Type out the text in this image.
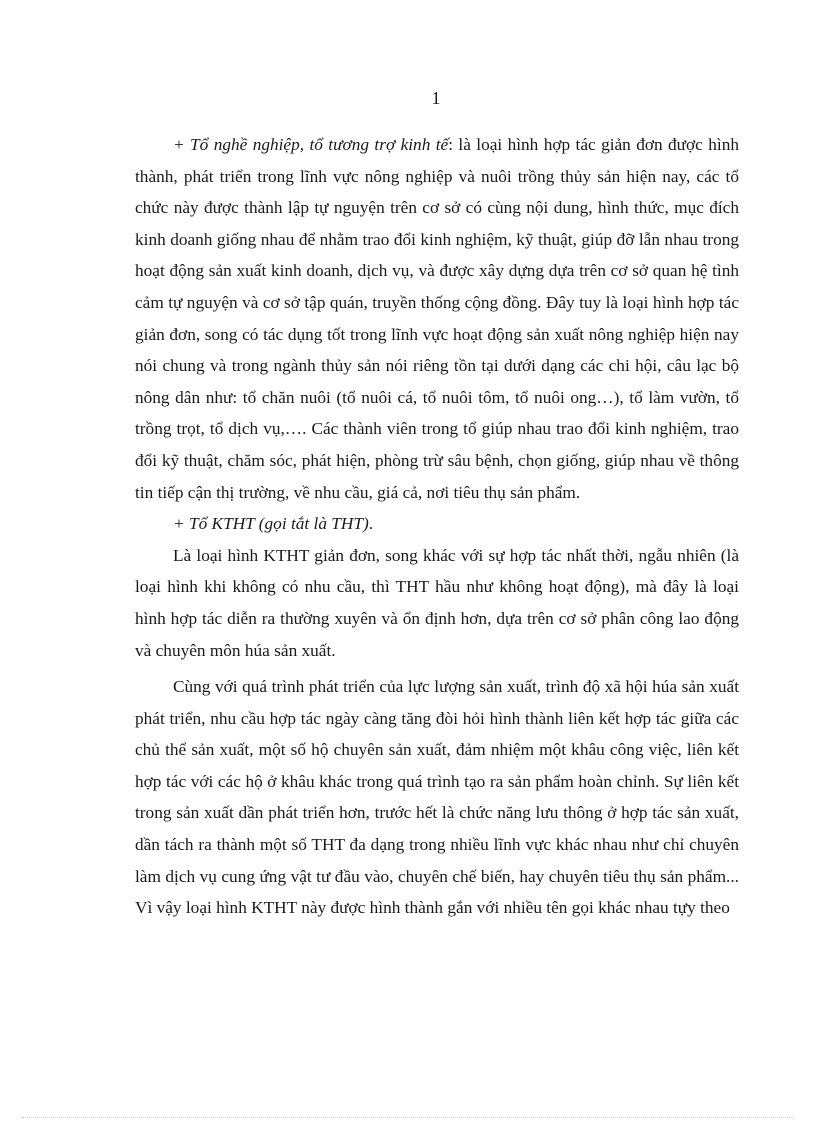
1

+ Tổ nghề nghiệp, tổ tương trợ kinh tế: là loại hình hợp tác giản đơn được hình thành, phát triển trong lĩnh vực nông nghiệp và nuôi trồng thủy sản hiện nay, các tổ chức này được thành lập tự nguyện trên cơ sở có cùng nội dung, hình thức, mục đích kinh doanh giống nhau để nhằm trao đổi kinh nghiệm, kỹ thuật, giúp đỡ lẫn nhau trong hoạt động sản xuất kinh doanh, dịch vụ, và được xây dựng dựa trên cơ sở quan hệ tình cảm tự nguyện và cơ sở tập quán, truyền thống cộng đồng. Đây tuy là loại hình hợp tác giản đơn, song có tác dụng tốt trong lĩnh vực hoạt động sản xuất nông nghiệp hiện nay nói chung và trong ngành thủy sản nói riêng tồn tại dưới dạng các chi hội, câu lạc bộ nông dân như: tổ chăn nuôi (tổ nuôi cá, tổ nuôi tôm, tổ nuôi ong…), tổ làm vườn, tổ trồng trọt, tổ dịch vụ,…. Các thành viên trong tổ giúp nhau trao đổi kinh nghiệm, trao đổi kỹ thuật, chăm sóc, phát hiện, phòng trừ sâu bệnh, chọn giống, giúp nhau về thông tin tiếp cận thị trường, về nhu cầu, giá cả, nơi tiêu thụ sản phẩm.

+ Tổ KTHT (gọi tắt là THT).

Là loại hình KTHT giản đơn, song khác với sự hợp tác nhất thời, ngẫu nhiên (là loại hình khi không có nhu cầu, thì THT hầu như không hoạt động), mà đây là loại hình hợp tác diễn ra thường xuyên và ổn định hơn, dựa trên cơ sở phân công lao động và chuyên môn húa sản xuất.

Cùng với quá trình phát triển của lực lượng sản xuất, trình độ xã hội húa sản xuất phát triển, nhu cầu hợp tác ngày càng tăng đòi hỏi hình thành liên kết hợp tác giữa các chủ thể sản xuất, một số hộ chuyên sản xuất, đảm nhiệm một khâu công việc, liên kết hợp tác với các hộ ở khâu khác trong quá trình tạo ra sản phẩm hoàn chỉnh. Sự liên kết trong sản xuất dần phát triển hơn, trước hết là chức năng lưu thông ở hợp tác sản xuất, dần tách ra thành một số THT đa dạng trong nhiều lĩnh vực khác nhau như chỉ chuyên làm dịch vụ cung ứng vật tư đầu vào, chuyên chế biến, hay chuyên tiêu thụ sản phẩm... Vì vậy loại hình KTHT này được hình thành gắn với nhiều tên gọi khác nhau tựy theo
